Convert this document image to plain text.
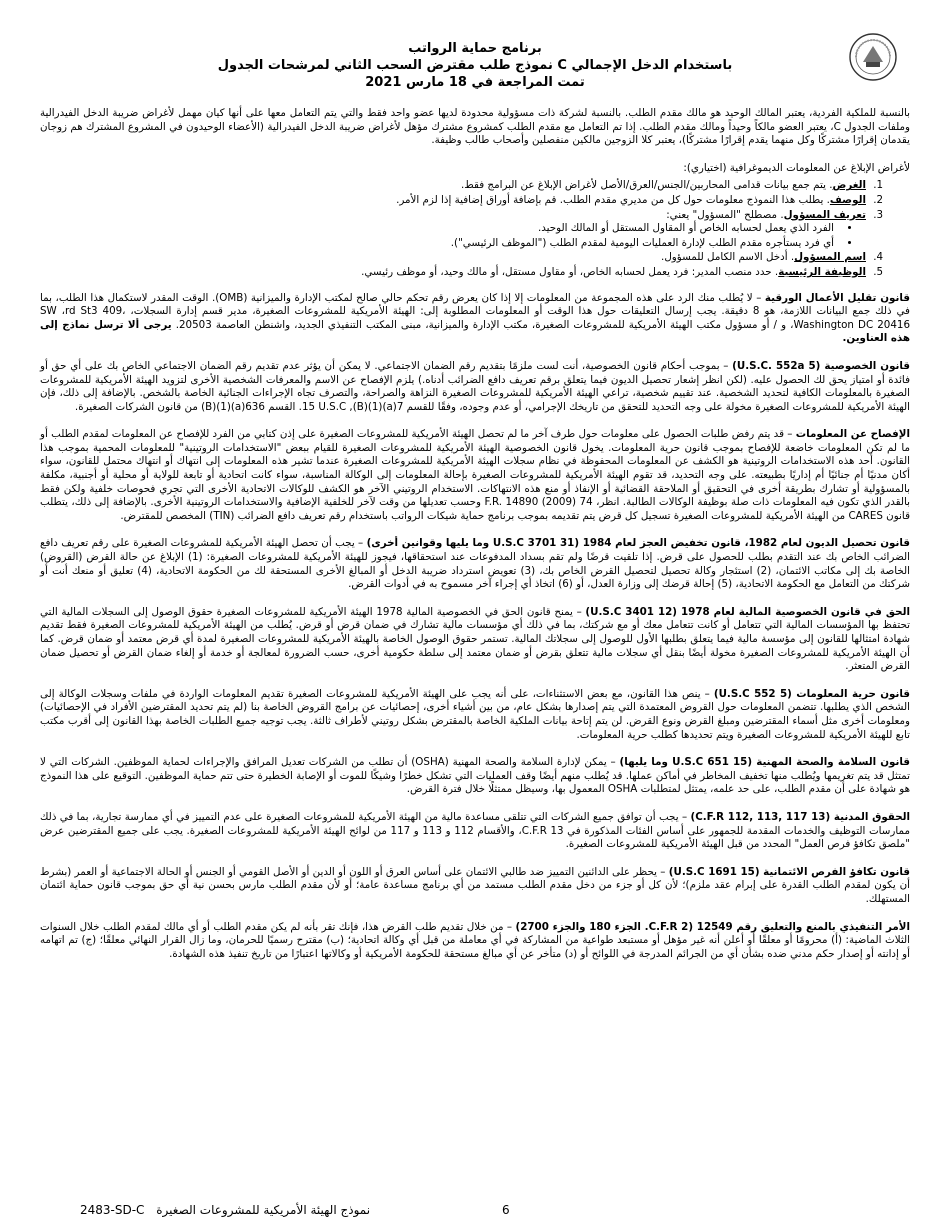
برنامج حماية الرواتب
نموذج طلب مقترض السحب الثاني لمرشحات الجدول C باستخدام الدخل الإجمالي
تمت المراجعة في 18 مارس 2021

بالنسبة للملكية الفردية، يعتبر المالك الوحيد هو مالك مقدم الطلب. بالنسبة لشركة ذات مسؤولية محدودة لديها عضو واحد فقط والتي يتم التعامل معها على أنها كيان مهمل لأغراض ضريبة الدخل الفيدرالية وملفات الجدول C، يعتبر العضو مالكاً وحيداً ومالك مقدم الطلب. إذا تم التعامل مع مقدم الطلب كمشروع مشترك مؤهل لأغراض ضريبة الدخل الفيدرالية (الأعضاء الوحيدون في المشروع المشترك هم زوجان يقدمان إقرارًا مشتركًا وكل منهما يقدم إقرارًا مشتركًا)، يعتبر كلا الزوجين مالكين منفصلين وأصحاب طالب وظيفة.

لأغراض الإبلاغ عن المعلومات الديموغرافية (اختياري):

1. الغرض. يتم جمع بيانات قدامى المحاربين/الجنس/العرق/الأصل لأغراض الإبلاغ عن البرامج فقط.
2. الوصف. يطلب هذا النموذج معلومات حول كل من مديري مقدم الطلب. قم بإضافة أوراق إضافية إذا لزم الأمر.
3. تعريف المسؤول. مصطلح "المسؤول" يعني:
• الفرد الذي يعمل لحسابه الخاص أو المقاول المستقل أو المالك الوحيد.
• أي فرد يستأجره مقدم الطلب لإدارة العمليات اليومية لمقدم الطلب ("الموظف الرئيسي").
4. اسم المسؤول. أدخل الاسم الكامل للمسؤول.
5. الوظيفة الرئيسية. حدد منصب المدير: فرد يعمل لحسابه الخاص، أو مقاول مستقل، أو مالك وحيد، أو موظف رئيسي.

قانون تقليل الأعمال الورقية – لا يُطلب منك الرد على هذه المجموعة من المعلومات إلا إذا كان يعرض رقم تحكم حالي صالح لمكتب الإدارة والميزانية (OMB). الوقت المقدر لاستكمال هذا الطلب، بما في ذلك جمع البيانات اللازمة، هو 8 دقيقة. يجب إرسال التعليقات حول هذا الوقت أو المعلومات المطلوبة إلى: الهيئة الأمريكية للمشروعات الصغيرة، مدير قسم إدارة السجلات، SW ،rd St3 409، Washington DC 20416، و / أو مسؤول مكتب الهيئة الأمريكية للمشروعات الصغيرة، مكتب الإدارة والميزانية، مبنى المكتب التنفيذي الجديد، واشنطن العاصمة 20503. يرجى ألا ترسل نماذج إلى هذه العناوين.

قانون الخصوصية (5 U.S.C. 552a) – بموجب أحكام قانون الخصوصية، أنت لست ملزمًا بتقديم رقم الضمان الاجتماعي. لا يمكن أن يؤثر عدم تقديم رقم الضمان الاجتماعي الخاص بك على أي حق أو فائدة أو امتياز يحق لك الحصول عليه. (لكن انظر إشعار تحصيل الديون فيما يتعلق برقم تعريف دافع الضرائب أدناه.) يلزم الإفصاح عن الاسم والمعرفات الشخصية الأخرى لتزويد الهيئة الأمريكية للمشروعات الصغيرة بالمعلومات الكافية لتحديد الشخصية. عند تقييم شخصية، تراعي الهيئة الأمريكية للمشروعات الصغيرة النزاهة والصراحة، والتصرف تجاه الإجراءات الجنائية الخاصة بالشخص. بالإضافة إلى ذلك، فإن الهيئة الأمريكية للمشروعات الصغيرة مخولة على وجه التحديد للتحقق من تاريخك الإجرامي، أو عدم وجوده، وفقًا للقسم 7(a)(1)(B), 15 U.S.C. القسم 636(a)(1)(B) من قانون الشركات الصغيرة.

الإفصاح عن المعلومات – قد يتم رفض طلبات الحصول على معلومات حول طرف آخر ما لم تحصل الهيئة الأمريكية للمشروعات الصغيرة على إذن كتابي من الفرد للإفصاح عن المعلومات لمقدم الطلب أو ما لم تكن المعلومات خاضعة للإفصاح بموجب قانون حرية المعلومات. يخول قانون الخصوصية الهيئة الأمريكية للمشروعات الصغيرة للقيام ببعض "الاستخدامات الروتينية" للمعلومات المحمية بموجب هذا القانون. أحد هذه الاستخدامات الروتينية هو الكشف عن المعلومات المحفوظة في نظام سجلات الهيئة الأمريكية للمشروعات الصغيرة عندما تشير هذه المعلومات إلى انتهاك أو انتهاك محتمل للقانون، سواء أكان مدنيًا أم جنائيًا أم إداريًا بطبيعته. على وجه التحديد، قد تقوم الهيئة الأمريكية للمشروعات الصغيرة بإحالة المعلومات إلى الوكالة المناسبة، سواء كانت اتحادية أو تابعة للولاية أو محلية أو أجنبية، مكلفة بالمسؤولية أو تشارك بطريقة أخرى في التحقيق أو الملاحقة القضائية أو الإنفاذ أو منع هذه الانتهاكات. الاستخدام الروتيني الآخر هو الكشف للوكالات الاتحادية الأخرى التي تجري فحوصات خلفية ولكن فقط بالقدر الذي تكون فيه المعلومات ذات صلة بوظيفة الوكالات الطالبة. انظر، 74 F.R. 14890 (2009) وحسب تعديلها من وقت لآخر للخلفية الإضافية والاستخدامات الروتينية الأخرى. بالإضافة إلى ذلك، يتطلب قانون CARES من الهيئة الأمريكية للمشروعات الصغيرة تسجيل كل قرض يتم تقديمه بموجب برنامج حماية شيكات الرواتب باستخدام رقم تعريف دافع الضرائب (TIN) المخصص للمقترض.

قانون تحصيل الديون لعام 1982، قانون تخفيض العجز لعام 1984 (31 U.S.C 3701 وما يليها وقوانين أخرى) – يجب أن تحصل الهيئة الأمريكية للمشروعات الصغيرة على رقم تعريف دافع الضرائب الخاص بك عند التقدم بطلب للحصول على قرض. إذا تلقيت قرضًا ولم تقم بسداد المدفوعات عند استحقاقها، فيجوز للهيئة الأمريكية للمشروعات الصغيرة: (1) الإبلاغ عن حالة القرض (القروض) الخاصة بك إلى مكاتب الائتمان، (2) استئجار وكالة تحصيل لتحصيل القرض الخاص بك، (3) تعويض استرداد ضريبة الدخل أو المبالغ الأخرى المستحقة لك من الحكومة الاتحادية، (4) تعليق أو منعك أنت أو شركتك من التعامل مع الحكومة الاتحادية، (5) إحالة قرضك إلى وزارة العدل، أو (6) اتخاذ أي إجراء آخر مسموح به في أدوات القرض.

الحق في قانون الخصوصية المالية لعام 1978 (12 U.S.C 3401) – يمنح قانون الحق في الخصوصية المالية 1978 الهيئة الأمريكية للمشروعات الصغيرة حقوق الوصول إلى السجلات المالية التي تحتفظ بها المؤسسات المالية التي تتعامل أو كانت تتعامل معك أو مع شركتك، بما في ذلك أي مؤسسات مالية تشارك في ضمان قرض أو قرض. يُطلب من الهيئة الأمريكية للمشروعات الصغيرة فقط تقديم شهادة امتثالها للقانون إلى مؤسسة مالية فيما يتعلق بطلبها الأول للوصول إلى سجلاتك المالية. تستمر حقوق الوصول الخاصة بالهيئة الأمريكية للمشروعات الصغيرة لمدة أي قرض معتمد أو ضمان قرض. كما أن الهيئة الأمريكية للمشروعات الصغيرة مخولة أيضًا بنقل أي سجلات مالية تتعلق بقرض أو ضمان معتمد إلى سلطة حكومية أخرى، حسب الضرورة لمعالجة أو خدمة أو إلغاء ضمان القرض أو تحصيل ضمان القرض المتعثر.

قانون حرية المعلومات (5 U.S.C 552) – ينص هذا القانون، مع بعض الاستثناءات، على أنه يجب على الهيئة الأمريكية للمشروعات الصغيرة تقديم المعلومات الواردة في ملفات وسجلات الوكالة إلى الشخص الذي يطلبها. تتضمن المعلومات حول القروض المعتمدة التي يتم إصدارها بشكل عام، من بين أشياء أخرى، إحصائيات عن برامج القروض الخاصة بنا (لم يتم تحديد المقترضين الأفراد في الإحصائيات) ومعلومات أخرى مثل أسماء المقترضين ومبلغ القرض ونوع القرض. لن يتم إتاحة بيانات الملكية الخاصة بالمقترض بشكل روتيني لأطراف ثالثة. يجب توجيه جميع الطلبات الخاصة بهذا القانون إلى أقرب مكتب تابع للهيئة الأمريكية للمشروعات الصغيرة ويتم تحديدها كطلب حرية المعلومات.

قانون السلامة والصحة المهنية (15 U.S.C 651 وما يليها) – يمكن لإدارة السلامة والصحة المهنية (OSHA) أن تطلب من الشركات تعديل المرافق والإجراءات لحماية الموظفين. الشركات التي لا تمتثل قد يتم تغريمها ويُطلب منها تخفيف المخاطر في أماكن عملها. قد يُطلب منهم أيضًا وقف العمليات التي تشكل خطرًا وشيكًا للموت أو الإصابة الخطيرة حتى تتم حماية الموظفين. التوقيع على هذا النموذج هو شهادة على أن مقدم الطلب، على حد علمه، يمتثل لمتطلبات OSHA المعمول بها، وسيظل ممتثلًا خلال فترة القرض.

الحقوق المدنية (13 C.F.R 112, 113, 117) – يجب أن توافق جميع الشركات التي تتلقى مساعدة مالية من الهيئة الأمريكية للمشروعات الصغيرة على عدم التمييز في أي ممارسة تجارية، بما في ذلك ممارسات التوظيف والخدمات المقدمة للجمهور على أساس الفئات المذكورة في 13 C.F.R، والأقسام 112 و 113 و 117 من لوائح الهيئة الأمريكية للمشروعات الصغيرة. يجب على جميع المقترضين عرض "ملصق تكافؤ فرص العمل" المحدد من قبل الهيئة الأمريكية للمشروعات الصغيرة.

قانون تكافؤ الفرص الائتمانية (15 U.S.C 1691) – يحظر على الدائنين التمييز ضد طالبي الائتمان على أساس العرق أو اللون أو الدين أو الأصل القومي أو الجنس أو الحالة الاجتماعية أو العمر (بشرط أن يكون لمقدم الطلب القدرة على إبرام عقد ملزم)؛ لأن كل أو جزء من دخل مقدم الطلب مستمد من أي برنامج مساعدة عامة؛ أو لأن مقدم الطلب مارس بحسن نية أي حق بموجب قانون حماية ائتمان المستهلك.

الأمر التنفيذي بالمنع والتعليق رقم 12549 (2 C.F.R. الجزء 180 والجزء 2700) – من خلال تقديم طلب القرض هذا، فإنك تقر بأنه لم يكن مقدم الطلب أو أي مالك لمقدم الطلب خلال السنوات الثلاث الماضية: (أ) محرومًا أو معلقًا أو أعلن أنه غير مؤهل أو مستبعد طواعية من المشاركة في أي معاملة من قبل أي وكالة اتحادية؛ (ب) مقترح رسميًا للحرمان، وما زال القرار النهائي معلقًا؛ (ج) تم اتهامه أو إدانته أو إصدار حكم مدني ضده بشأن أي من الجرائم المدرجة في اللوائح أو (د) متأخر عن أي مبالغ مستحقة للحكومة الأمريكية أو وكالاتها اعتبارًا من تاريخ تنفيذ هذه الشهادة.

2483-SD-C نموذج الهيئة الأمريكية للمشروعات الصغيرة	6
